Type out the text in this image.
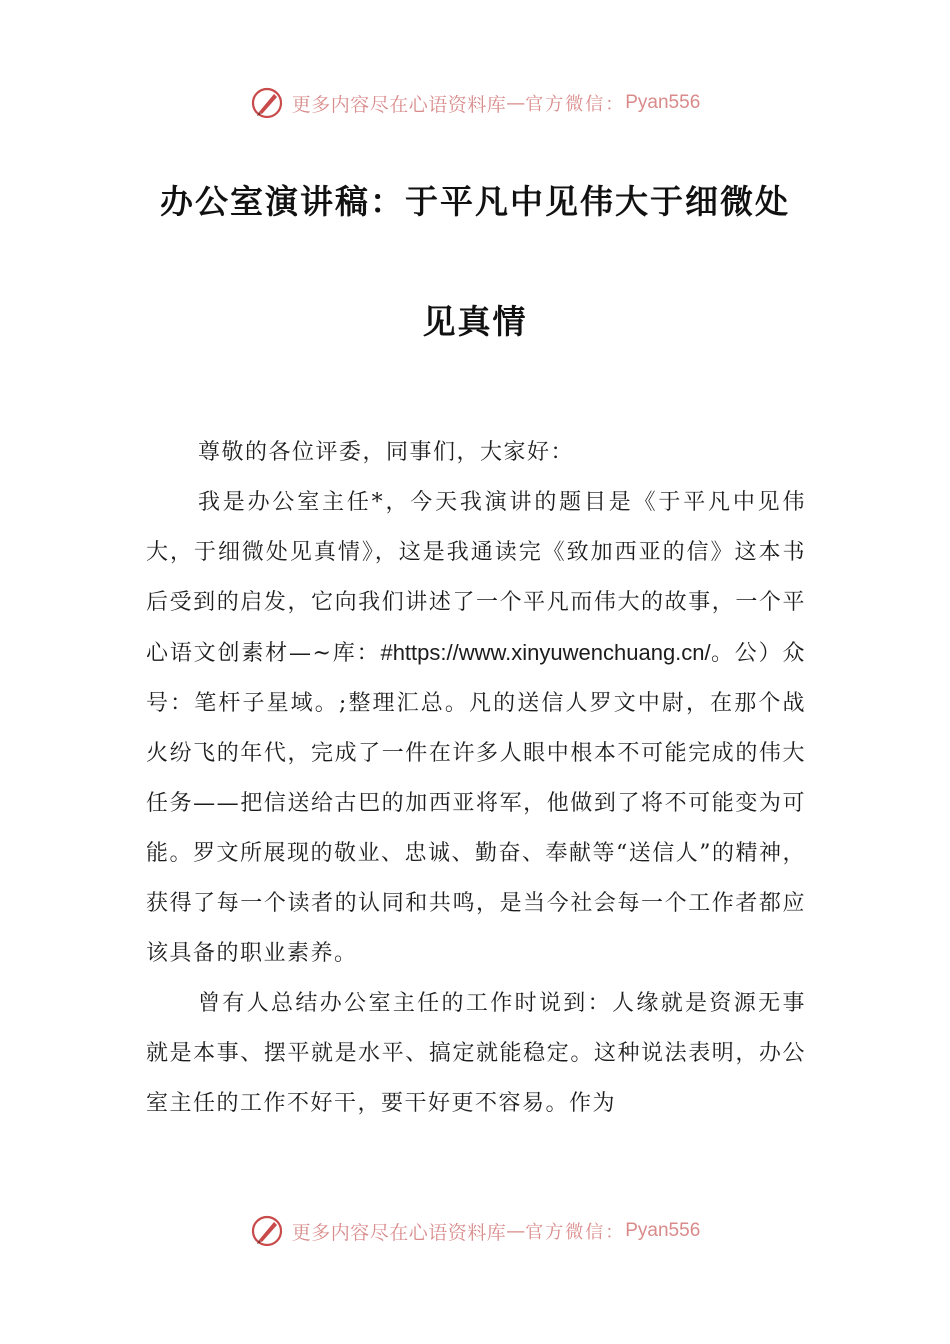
更多内容尽在心语资料库 — 官方微信： Pyan556
办公室演讲稿：于平凡中见伟大于细微处
见真情

尊敬的各位评委，同事们，大家好：

我是办公室主任*，今天我演讲的题目是《于平凡中见伟大，于细微处见真情》，这是我通读完《致加西亚的信》这本书后受到的启发，它向我们讲述了一个平凡而伟大的故事，一个平心语文创素材—~库：#https://www.xinyuwenchuang.cn/。公）众号：笔杆子星域。;整理汇总。凡的送信人罗文中尉，在那个战火纷飞的年代，完成了一件在许多人眼中根本不可能完成的伟大任务——把信送给古巴的加西亚将军，他做到了将不可能变为可能。罗文所展现的敬业、忠诚、勤奋、奉献等“送信人”的精神，获得了每一个读者的认同和共鸣，是当今社会每一个工作者都应该具备的职业素养。

曾有人总结办公室主任的工作时说到：人缘就是资源无事就是本事、摆平就是水平、搞定就能稳定。这种说法表明，办公室主任的工作不好干，要干好更不容易。作为

更多内容尽在心语资料库 — 官方微信： Pyan556
